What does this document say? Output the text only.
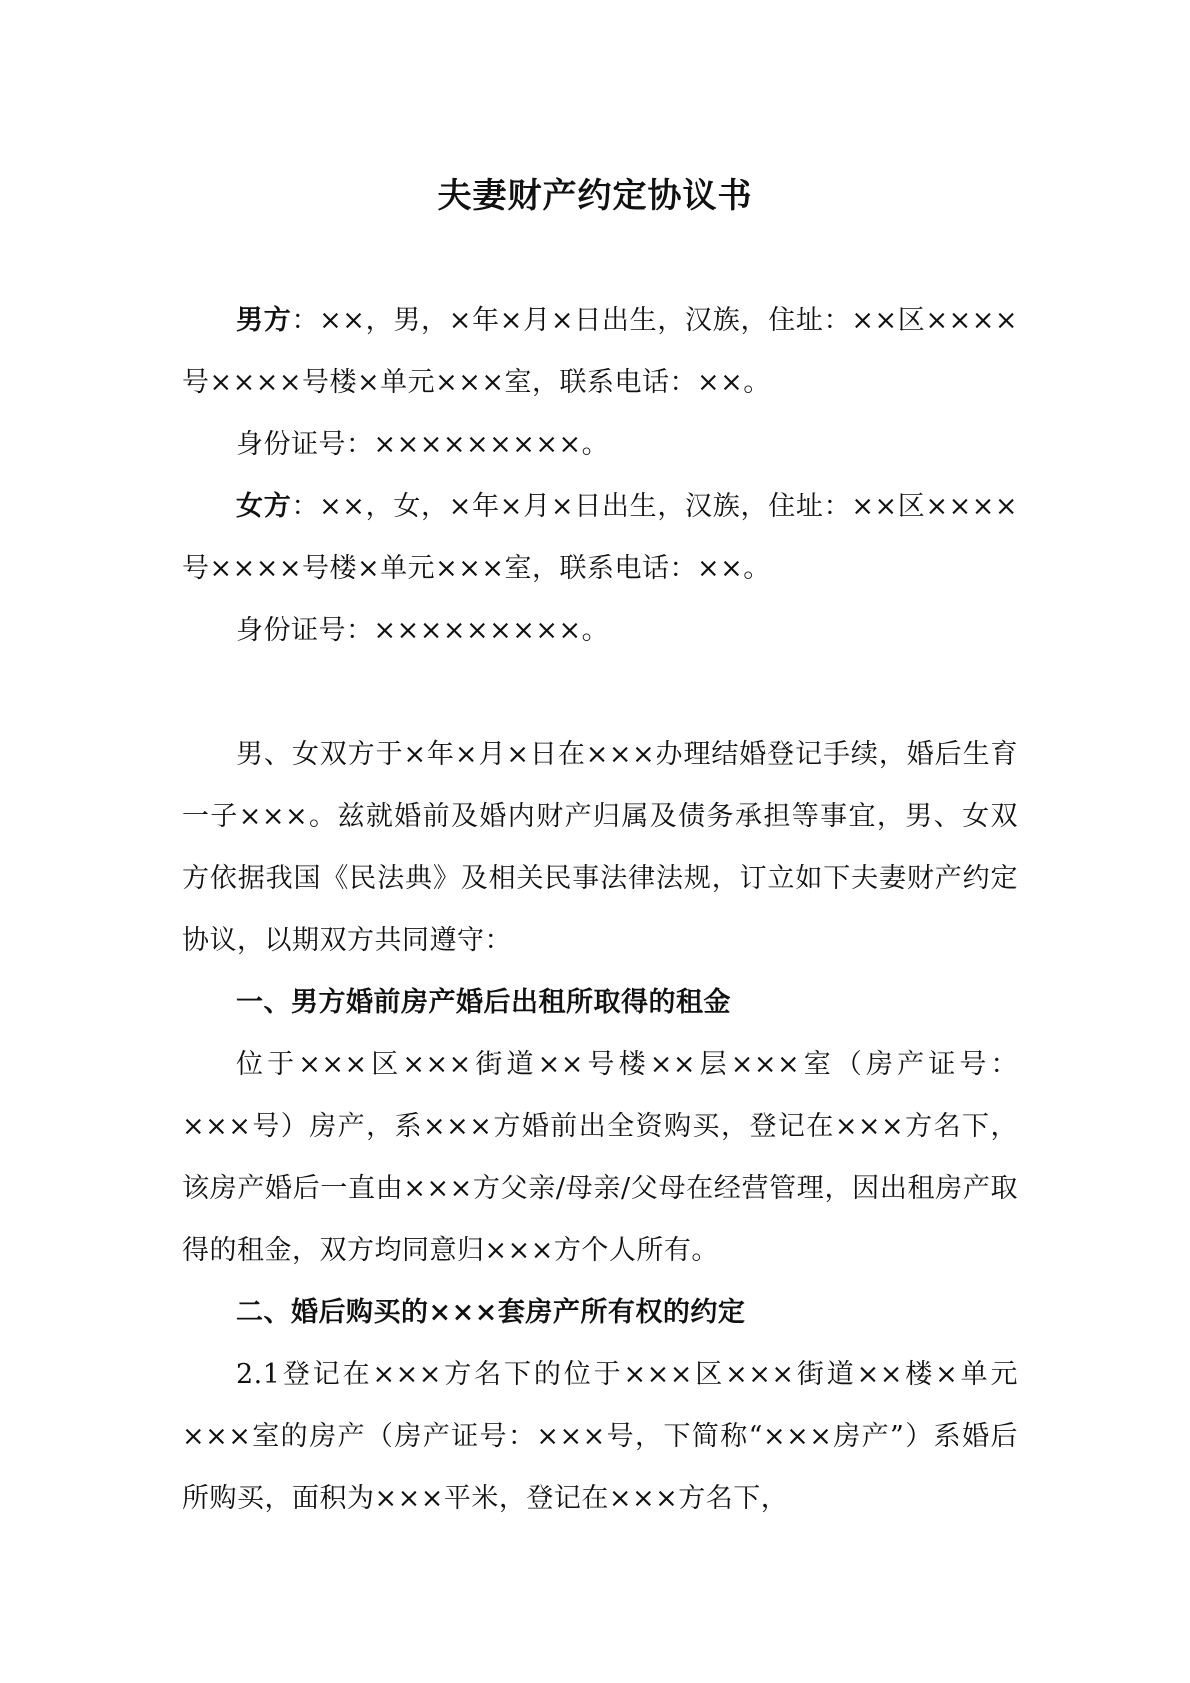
夫妻财产约定协议书

男方：××，男，×年×月×日出生，汉族，住址：××区××××号××××号楼×单元×××室，联系电话：××。

身份证号：×××××××××。

女方：××，女，×年×月×日出生，汉族，住址：××区××××号××××号楼×单元×××室，联系电话：××。

身份证号：×××××××××。

男、女双方于×年×月×日在×××办理结婚登记手续，婚后生育一子×××。兹就婚前及婚内财产归属及债务承担等事宜，男、女双方依据我国《民法典》及相关民事法律法规，订立如下夫妻财产约定协议，以期双方共同遵守：

一、男方婚前房产婚后出租所取得的租金

位于×××区×××街道××号楼××层×××室（房产证号：×××号）房产，系×××方婚前出全资购买，登记在×××方名下，该房产婚后一直由×××方父亲/母亲/父母在经营管理，因出租房产取得的租金，双方均同意归×××方个人所有。

二、婚后购买的×××套房产所有权的约定

2.1登记在×××方名下的位于×××区×××街道××楼×单元×××室的房产（房产证号：×××号，下简称“×××房产”）系婚后所购买，面积为×××平米，登记在×××方名下，
